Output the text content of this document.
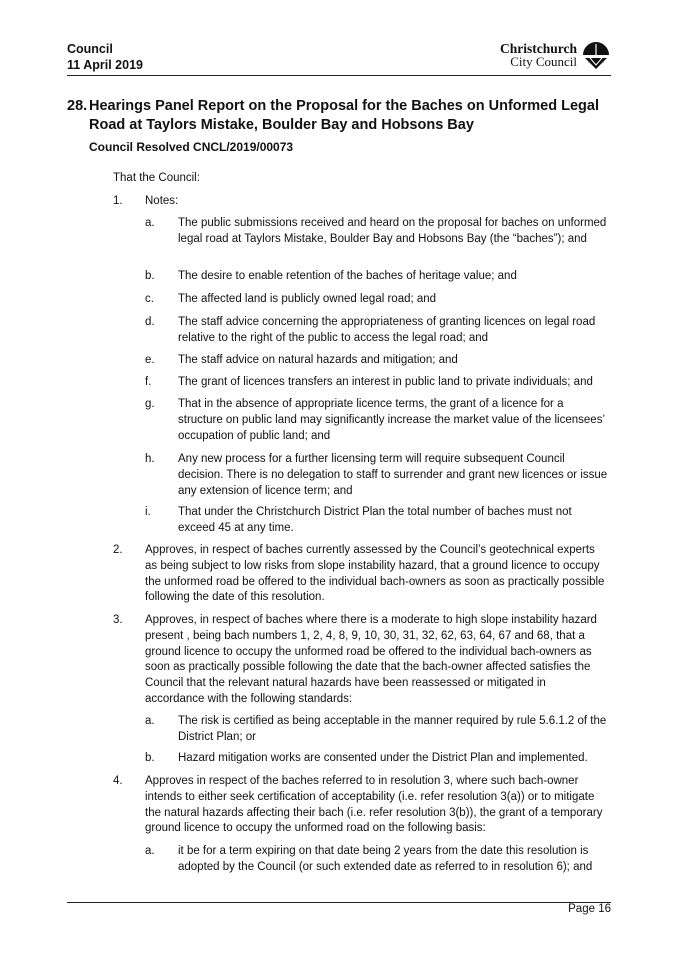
Council
11 April 2019
Christchurch
City Council
28. Hearings Panel Report on the Proposal for the Baches on Unformed Legal Road at Taylors Mistake, Boulder Bay and Hobsons Bay
Council Resolved CNCL/2019/00073
That the Council:
1.	Notes:
a.	The public submissions received and heard on the proposal for baches on unformed legal road at Taylors Mistake, Boulder Bay and Hobsons Bay (the “baches”); and
b.	The desire to enable retention of the baches of heritage value; and
c.	The affected land is publicly owned legal road; and
d.	The staff advice concerning the appropriateness of granting licences on legal road relative to the right of the public to access the legal road; and
e.	The staff advice on natural hazards and mitigation; and
f.	The grant of licences transfers an interest in public land to private individuals; and
g.	That in the absence of appropriate licence terms, the grant of a licence for a structure on public land may significantly increase the market value of the licensees’ occupation of public land; and
h.	Any new process for a further licensing term will require subsequent Council decision. There is no delegation to staff to surrender and grant new licences or issue any extension of licence term; and
i.	That under the Christchurch District Plan the total number of baches must not exceed 45 at any time.
2.	Approves, in respect of baches currently assessed by the Council’s geotechnical experts as being subject to low risks from slope instability hazard, that a ground licence to occupy the unformed road be offered to the individual bach-owners as soon as practically possible following the date of this resolution.
3.	Approves, in respect of baches where there is a moderate to high slope instability hazard present , being bach numbers 1, 2, 4, 8, 9, 10, 30, 31, 32, 62, 63, 64, 67 and 68, that a ground licence to occupy the unformed road be offered to the individual bach-owners as soon as practically possible following the date that the bach-owner affected satisfies the Council that the relevant natural hazards have been reassessed or mitigated in accordance with the following standards:
a.	The risk is certified as being acceptable in the manner required by rule 5.6.1.2 of the District Plan; or
b.	Hazard mitigation works are consented under the District Plan and implemented.
4.	Approves in respect of the baches referred to in resolution 3, where such bach-owner intends to either seek certification of acceptability (i.e. refer resolution 3(a)) or to mitigate the natural hazards affecting their bach (i.e. refer resolution 3(b)), the grant of a temporary ground licence to occupy the unformed road on the following basis:
a.	it be for a term expiring on that date being 2 years from the date this resolution is adopted by the Council (or such extended date as referred to in resolution 6); and
Page 16
